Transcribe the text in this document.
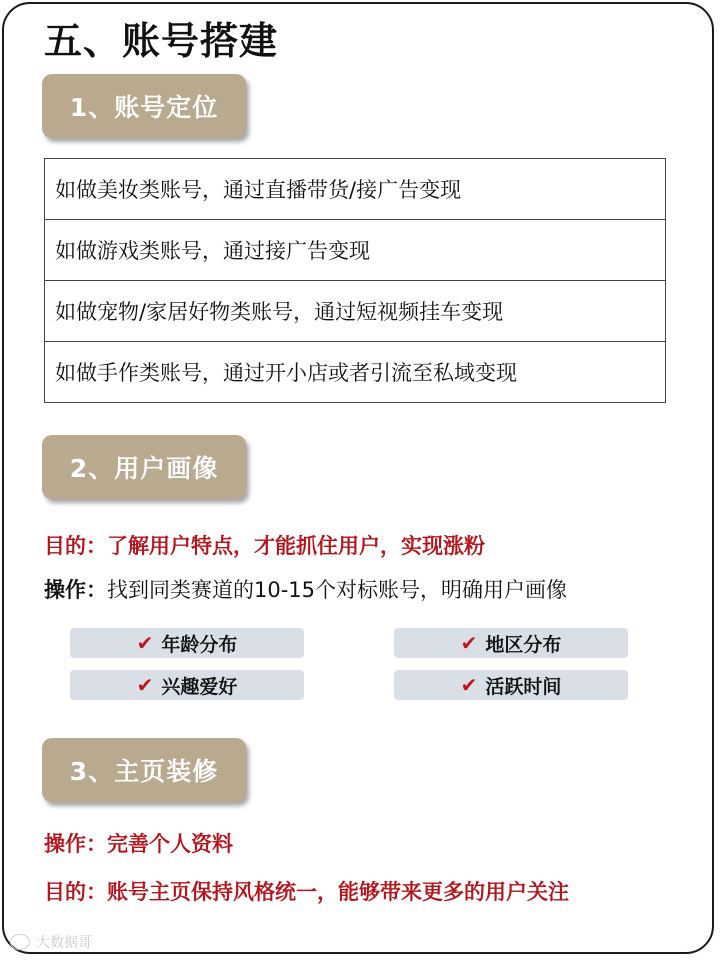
五、账号搭建
1、账号定位
如做美妆类账号，通过直播带货/接广告变现
如做游戏类账号，通过接广告变现
如做宠物/家居好物类账号，通过短视频挂车变现
如做手作类账号，通过开小店或者引流至私域变现
2、用户画像
目的：了解用户特点，才能抓住用户，实现涨粉
操作：找到同类赛道的10-15个对标账号，明确用户画像
✔ 年龄分布	✔ 地区分布
✔ 兴趣爱好	✔ 活跃时间
3、主页装修
操作：完善个人资料
目的：账号主页保持风格统一，能够带来更多的用户关注
大数据哥
